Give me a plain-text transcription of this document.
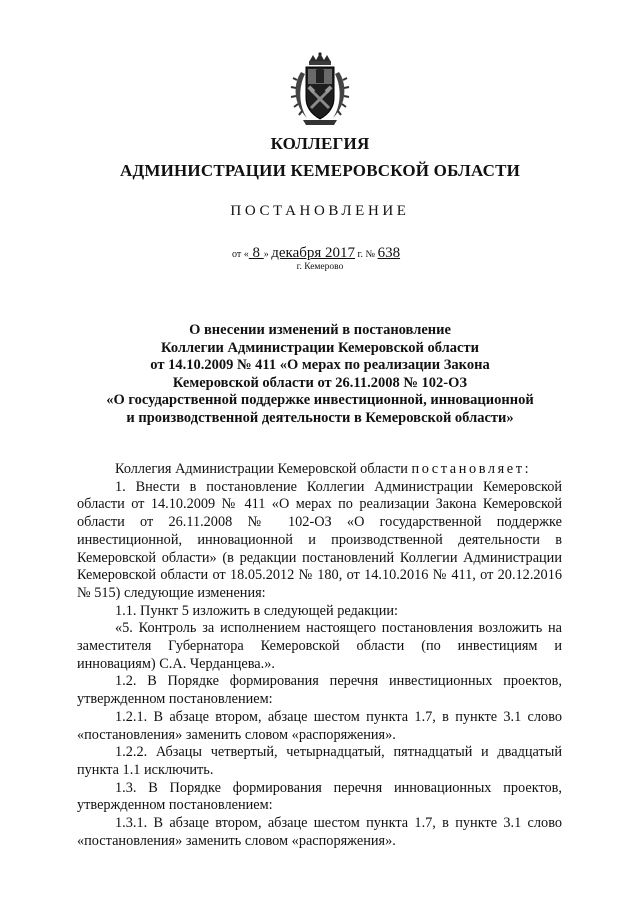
КОЛЛЕГИЯ
АДМИНИСТРАЦИИ КЕМЕРОВСКОЙ ОБЛАСТИ
ПОСТАНОВЛЕНИЕ
от « 8 » декабря 2017 г. № 638
г. Кемерово
О внесении изменений в постановление
Коллегии Администрации Кемеровской области
от 14.10.2009 № 411 «О мерах по реализации Закона
Кемеровской области от 26.11.2008 № 102-ОЗ
«О государственной поддержке инвестиционной, инновационной
и производственной деятельности в Кемеровской области»

Коллегия Администрации Кемеровской области постановляет:

1. Внести в постановление Коллегии Администрации Кемеровской области от 14.10.2009 № 411 «О мерах по реализации Закона Кемеровской области от 26.11.2008 № 102-ОЗ «О государственной поддержке инвестиционной, инновационной и производственной деятельности в Кемеровской области» (в редакции постановлений Коллегии Администрации Кемеровской области от 18.05.2012 № 180, от 14.10.2016 № 411, от 20.12.2016 № 515) следующие изменения:

1.1. Пункт 5 изложить в следующей редакции:

«5. Контроль за исполнением настоящего постановления возложить на заместителя Губернатора Кемеровской области (по инвестициям и инновациям) С.А. Черданцева.».

1.2. В Порядке формирования перечня инвестиционных проектов, утвержденном постановлением:

1.2.1. В абзаце втором, абзаце шестом пункта 1.7, в пункте 3.1 слово «постановления» заменить словом «распоряжения».

1.2.2. Абзацы четвертый, четырнадцатый, пятнадцатый и двадцатый пункта 1.1 исключить.

1.3. В Порядке формирования перечня инновационных проектов, утвержденном постановлением:

1.3.1. В абзаце втором, абзаце шестом пункта 1.7, в пункте 3.1 слово «постановления» заменить словом «распоряжения».
